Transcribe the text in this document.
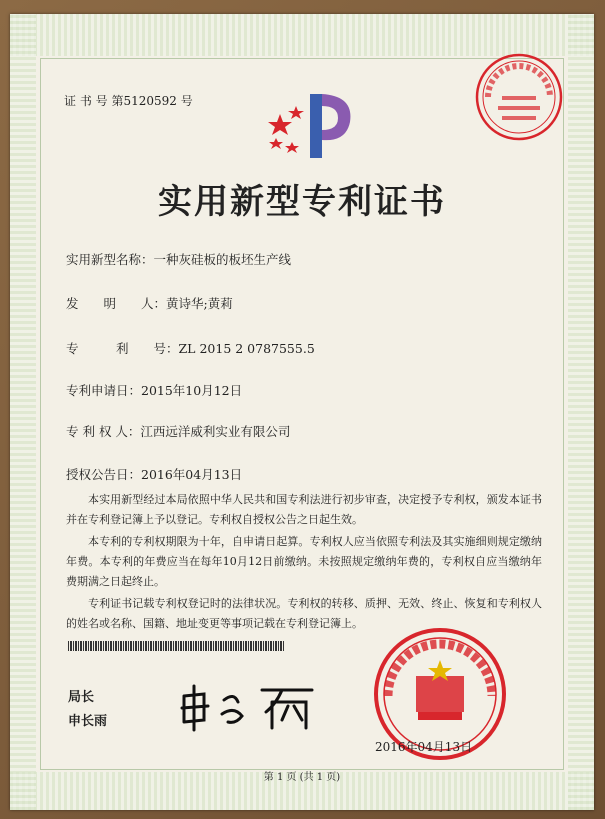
证 书 号 第5120592 号
实用新型专利证书
实用新型名称：一种灰硅板的板坯生产线
发　　明　　人：黄诗华;黄莉
专　　　利　　号：ZL 2015 2 0787555.5
专利申请日：2015年10月12日
专 利 权 人：江西远洋威利实业有限公司
授权公告日：2016年04月13日
本实用新型经过本局依照中华人民共和国专利法进行初步审查，决定授予专利权，颁发本证书并在专利登记簿上予以登记。专利权自授权公告之日起生效。
本专利的专利权期限为十年，自申请日起算。专利权人应当依照专利法及其实施细则规定缴纳年费。本专利的年费应当在每年10月12日前缴纳。未按照规定缴纳年费的，专利权自应当缴纳年费期满之日起终止。
专利证书记载专利权登记时的法律状况。专利权的转移、质押、无效、终止、恢复和专利权人的姓名或名称、国籍、地址变更等事项记载在专利登记簿上。
局长
申长雨
2016年04月13日
第 1 页 (共 1 页)
